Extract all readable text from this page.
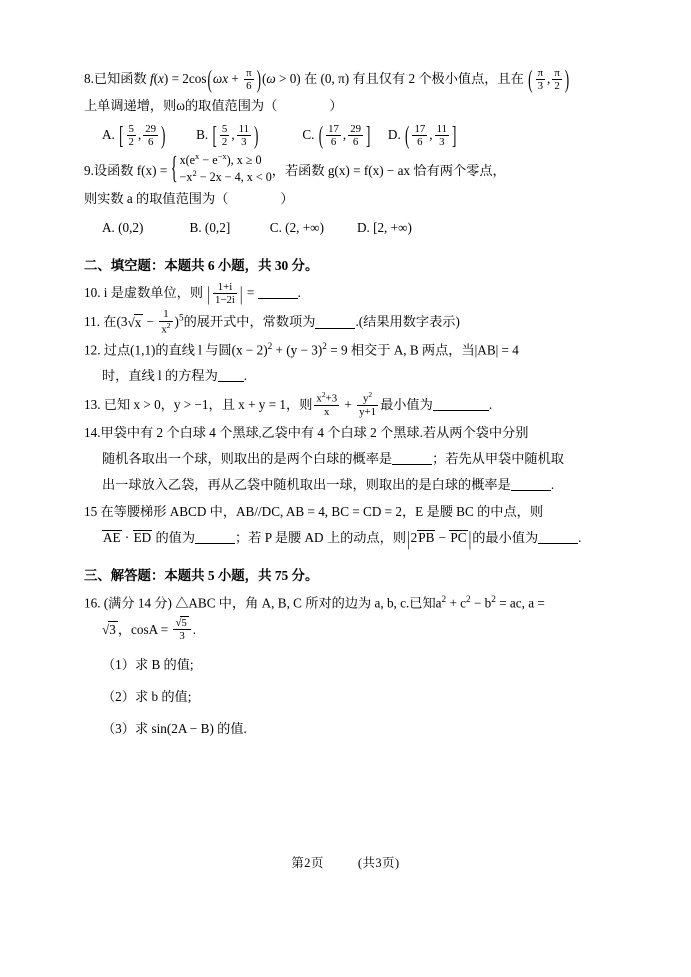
8.已知函数 $f(x) = 2\cos(\omega x + \frac{\pi}{6} )(\omega > 0)$ 在 (0, π) 有且仅有 2 个极小值点，且在 ( $\frac{\pi}{3}$ , $\frac{\pi}{2}$ )
上单调递增，则ω的取值范围为（	）
A. [ $\frac{5}{2}$ , $\frac{29}{6}$ ) B. [ $\frac{5}{2}$ , $\frac{11}{3}$ )	C. ( $\frac{17}{6}$ , $\frac{29}{6}$ ] D. ( $\frac{17}{6}$ , $\frac{11}{3}$ ]
9.设函数 f(x) = { $x(e^x - e^{-x})$, x ≥ 0
$-x^2 - 2x - 4$, x < 0 ，若函数 g(x) = f(x) − ax 恰有两个零点，
则实数 a 的取值范围为（	）
A. (0,2)	B. (0,2]	C. (2, +∞) D. [2, +∞)
二、填空题：本题共 6 小题，共 30 分。
10. i 是虚数单位，则 | $\frac{1+i}{1-2i}$ | =	.
11. 在$(3√x - \frac{1}{x^2} )^5$的展开式中，常数项为	.(结果用数字表示)
12. 过点(1,1)的直线 l 与圆$(x - 2)^2 + (y - 3)^2 = 9$ 相交于 A, B 两点，当|AB| = 4
时，直线 l 的方程为 .
13. 已知 x > 0，y > −1，且 x + y = 1，则 $\frac{x^2+3}{x} + \frac{y^2}{y+1}$ 最小值为	.
14.甲袋中有 2 个白球 4 个黑球,乙袋中有 4 个白球 2 个黑球.若从两个袋中分别
随机各取出一个球，则取出的是两个白球的概率是	；若先从甲袋中随机取
出一球放入乙袋，再从乙袋中随机取出一球，则取出的是白球的概率是	.
15 在等腰梯形 ABCD 中，AB//DC, AB = 4, BC = CD = 2，E 是腰 BC 的中点，则
AE · ED 的值为	；若 P 是腰 AD 上的动点，则|2PB − PC |的最小值为	.
三、解答题：本题共 5 小题，共 75 分。
16. (满分 14 分) △ABC 中，角 A, B, C 所对的边为 a, b, c.已知$a^2 + c^2 - b^2$ = ac, a =
√3 ，$\cos A = \frac{√5}{3}$ .
（1）求 B 的值;
（2）求 b 的值;
（3）求 sin(2A − B) 的值.
第2页	(共3页)
